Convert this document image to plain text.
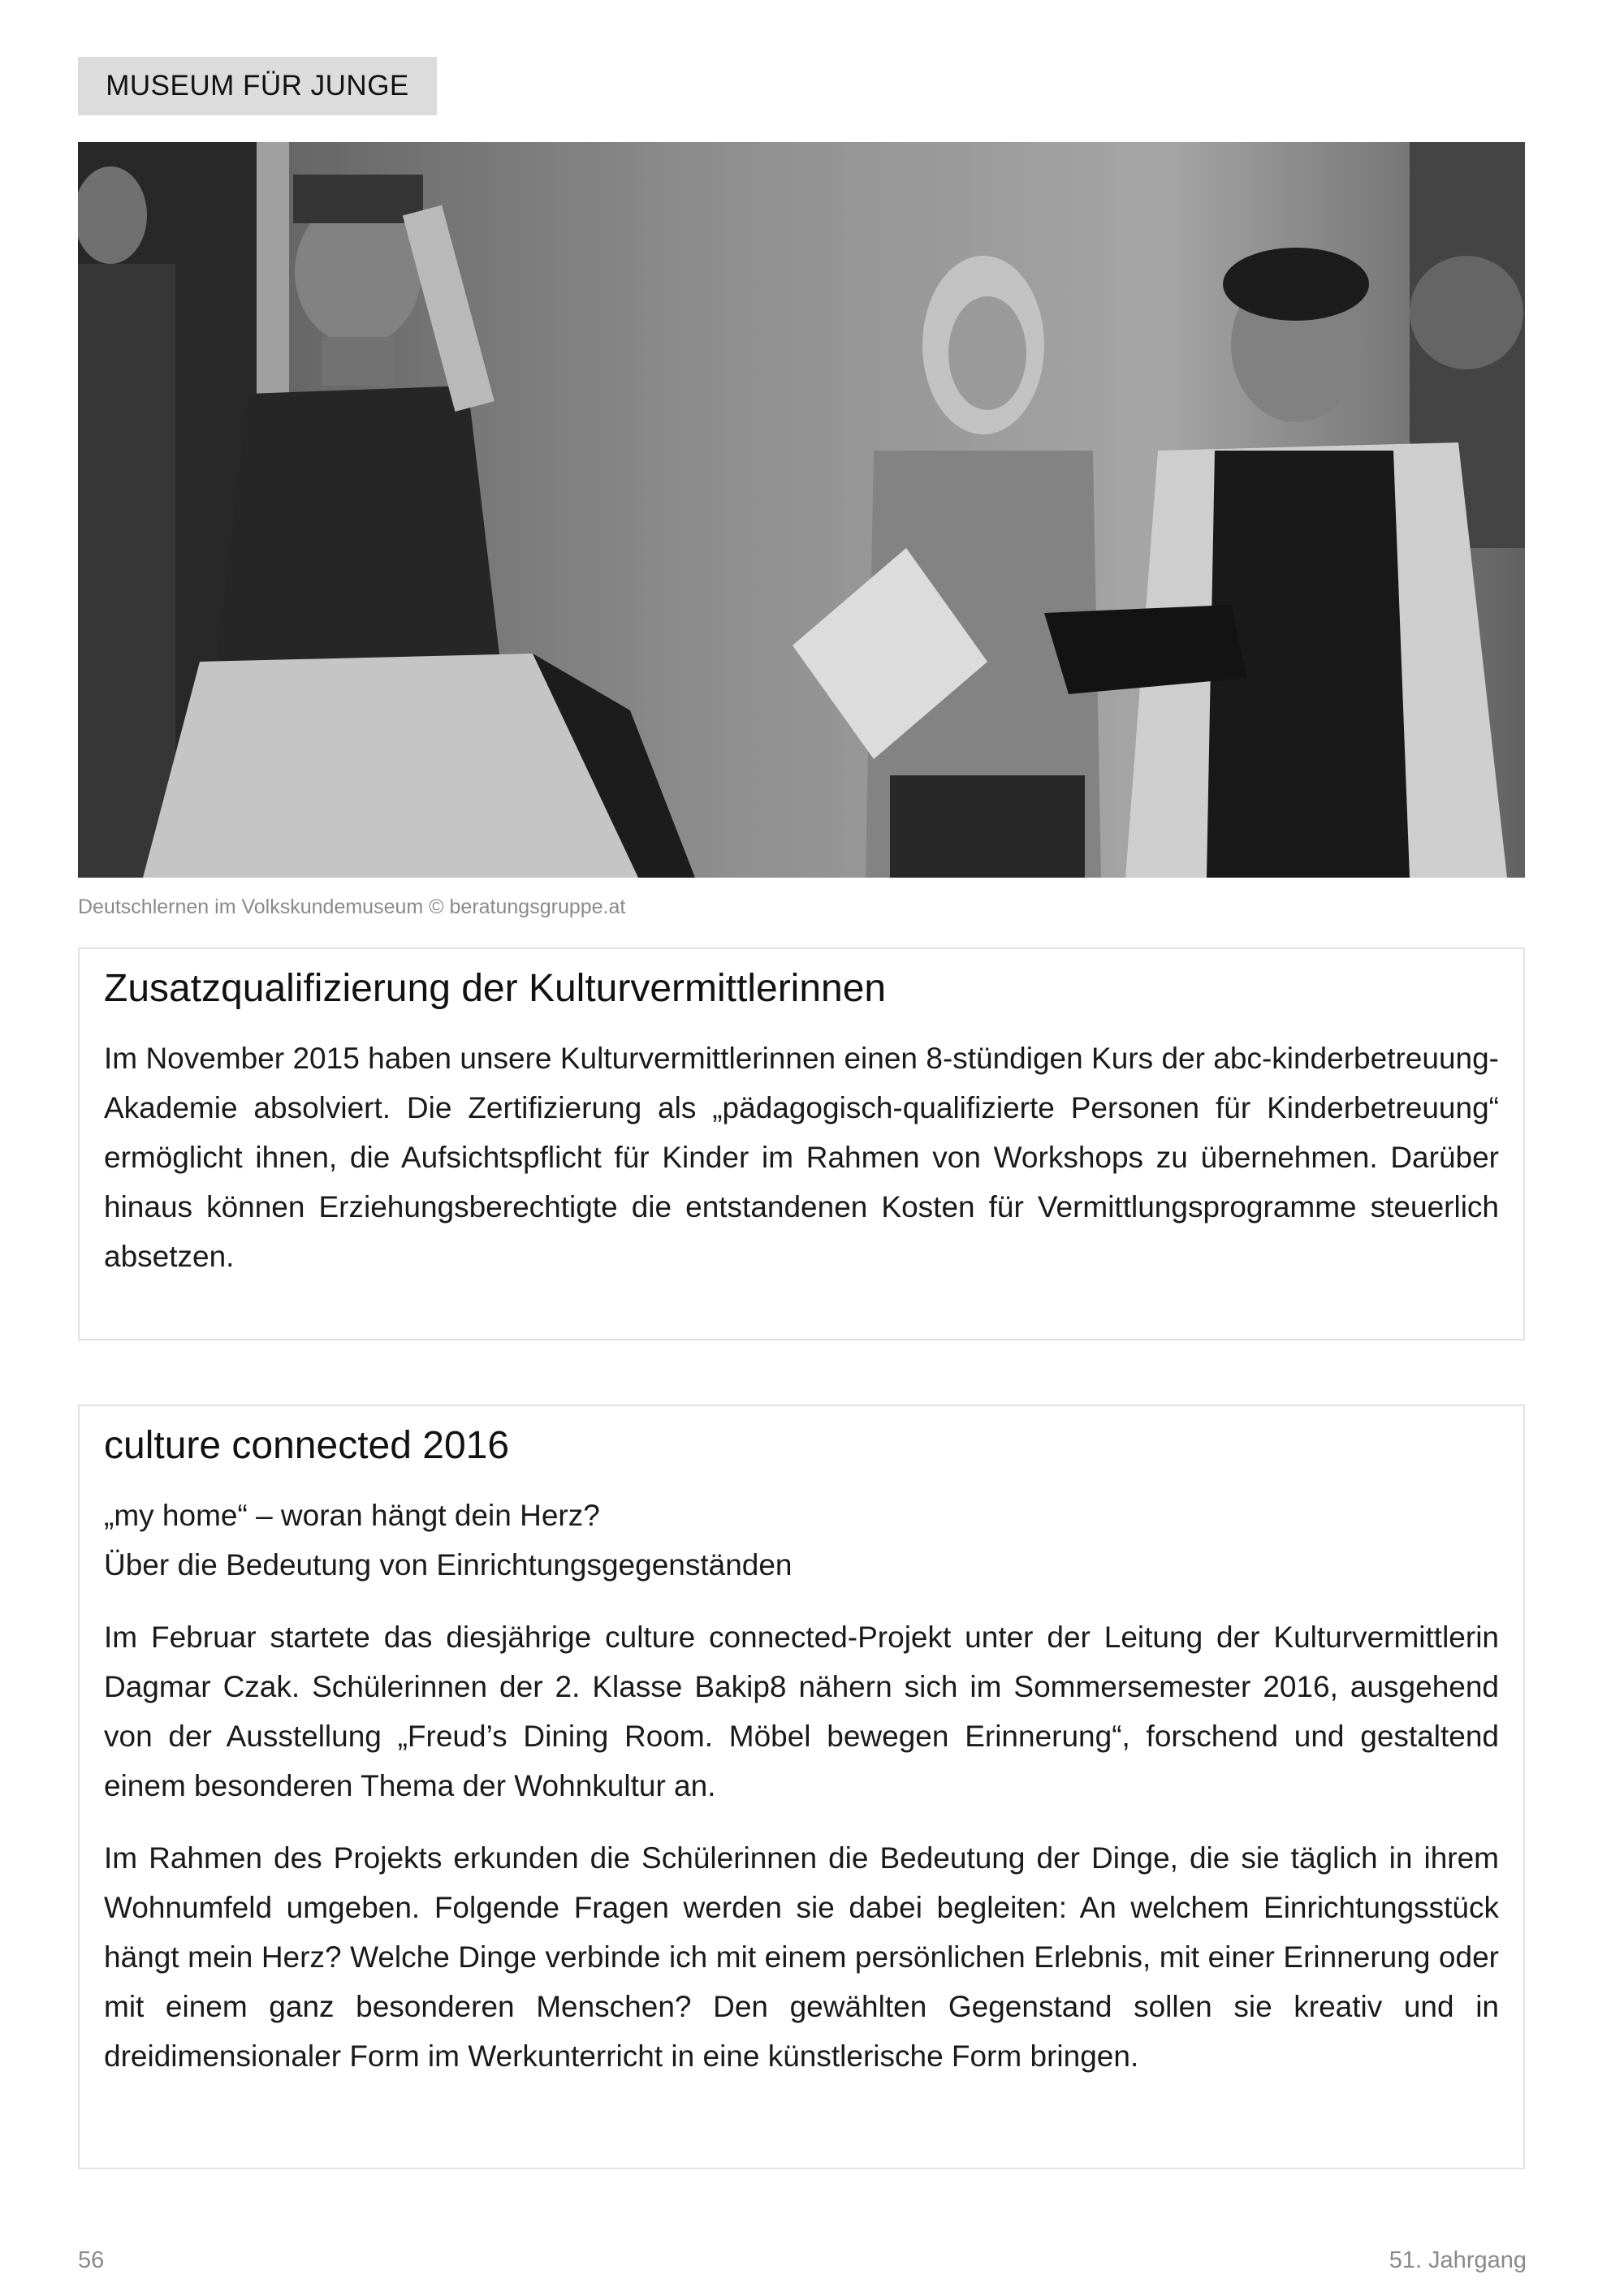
MUSEUM FÜR JUNGE
Deutschlernen im Volkskundemuseum © beratungsgruppe.at
Zusatzqualifizierung der Kulturvermittlerinnen

Im November 2015 haben unsere Kulturvermittlerinnen einen 8-stündigen Kurs der abc-kinderbetreuung-Akademie absolviert. Die Zertifizierung als „pädagogisch-qualifizierte Personen für Kinderbetreuung“ ermöglicht ihnen, die Aufsichtspflicht für Kinder im Rahmen von Workshops zu übernehmen. Darüber hinaus können Erziehungsberechtigte die entstandenen Kosten für Vermittlungsprogramme steuerlich absetzen.

culture connected 2016

„my home“ – woran hängt dein Herz?

Über die Bedeutung von Einrichtungsgegenständen

Im Februar startete das diesjährige culture connected-Projekt unter der Leitung der Kulturvermittlerin Dagmar Czak. Schülerinnen der 2. Klasse Bakip8 nähern sich im Sommersemester 2016, ausgehend von der Ausstellung „Freud’s Dining Room. Möbel bewegen Erinnerung“, forschend und gestaltend einem besonderen Thema der Wohnkultur an.

Im Rahmen des Projekts erkunden die Schülerinnen die Bedeutung der Dinge, die sie täglich in ihrem Wohnumfeld umgeben. Folgende Fragen werden sie dabei begleiten: An welchem Einrichtungsstück hängt mein Herz? Welche Dinge verbinde ich mit einem persönlichen Erlebnis, mit einer Erinnerung oder mit einem ganz besonderen Menschen? Den gewählten Gegenstand sollen sie kreativ und in dreidimensionaler Form im Werkunterricht in eine künstlerische Form bringen.

56	51. Jahrgang
